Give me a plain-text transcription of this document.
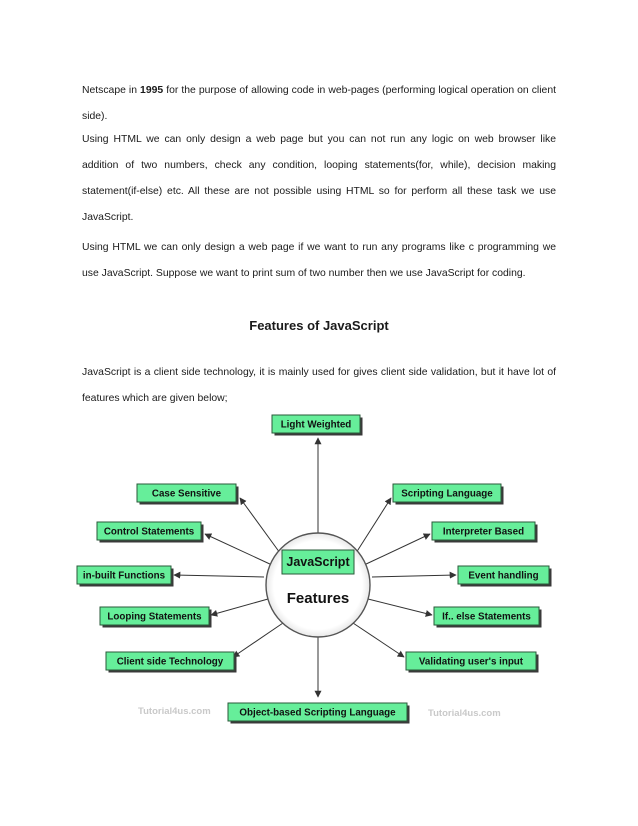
Netscape in 1995 for the purpose of allowing code in web-pages (performing logical operation on client side).

Using HTML we can only design a web page but you can not run any logic on web browser like addition of two numbers, check any condition, looping statements(for, while), decision making statement(if-else) etc. All these are not possible using HTML so for perform all these task we use JavaScript.

Using HTML we can only design a web page if we want to run any programs like c programming we use JavaScript. Suppose we want to print sum of two number then we use JavaScript for coding.

Features of JavaScript

JavaScript is a client side technology, it is mainly used for gives client side validation, but it have lot of features which are given below;

JavaScript
Features
Light Weighted
Case Sensitive	Scripting Language
Control Statements	Interpreter Based
in-built Functions	Event handling
Looping Statements	If.. else Statements
Client side Technology	Validating user's input
Object-based Scripting Language
Tutorial4us.com	Tutorial4us.com
